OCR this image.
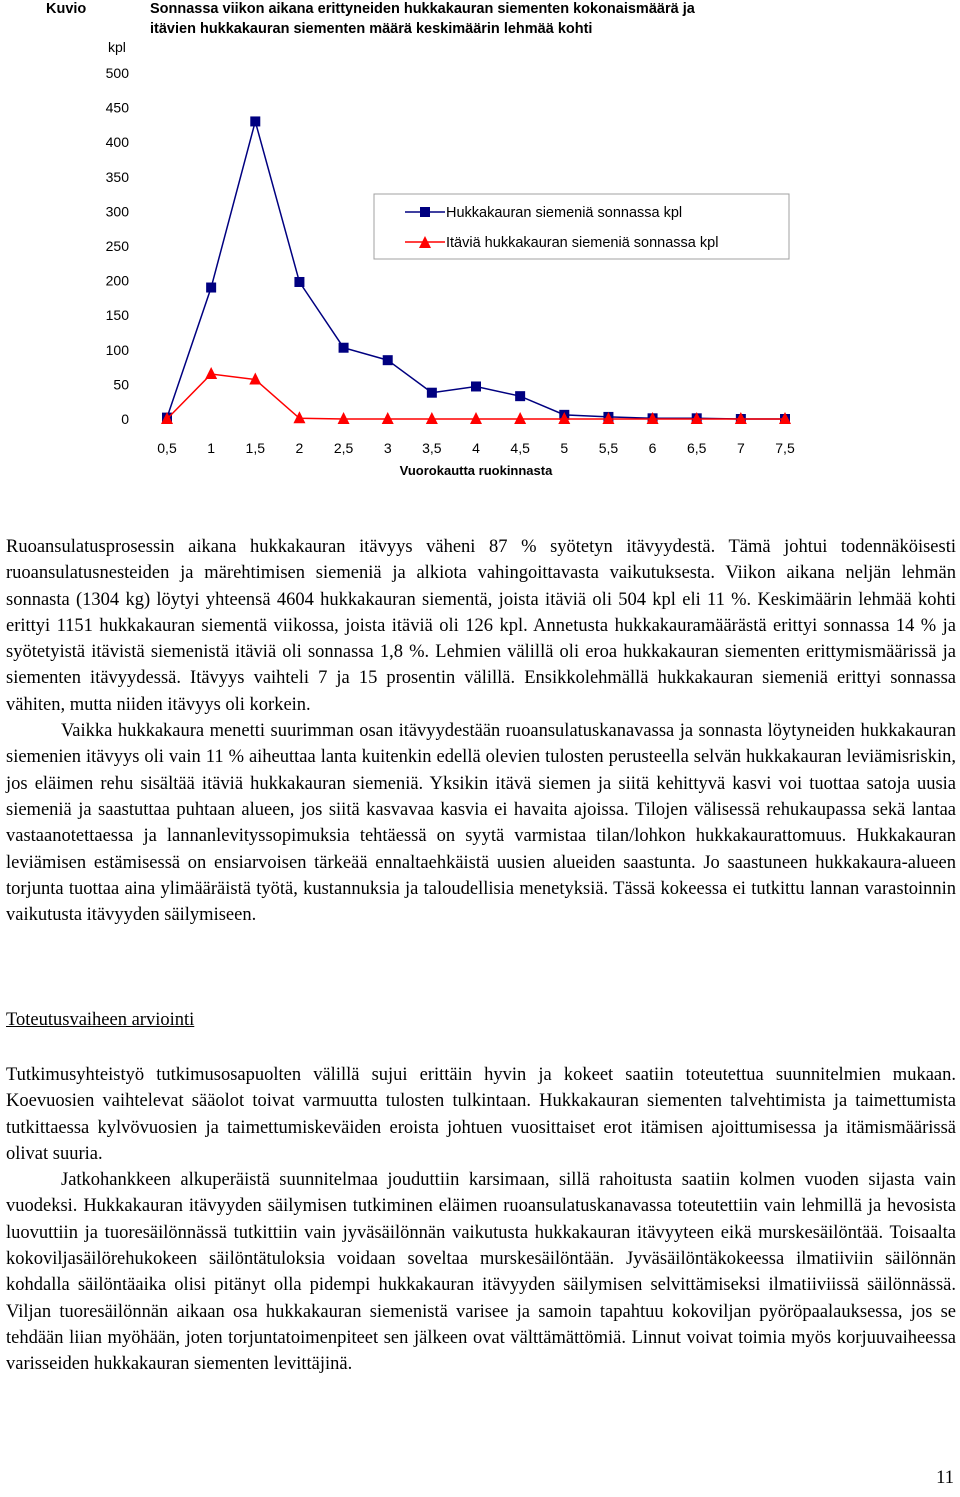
Kuvio	Sonnassa viikon aikana erittyneiden hukkakauran siementen kokonaismäärä ja
itävien hukkakauran siementen määrä keskimäärin lehmää kohti
kpl
0
50
100
150
200
250
300
350
400
450
500
0,5 1 1,5 2 2,5 3 3,5 4 4,5 5 5,5 6 6,5 7 7,5
Vuorokautta ruokinnasta
Hukkakauran siemeniä sonnassa kpl
Itäviä hukkakauran siemeniä sonnassa kpl

Ruoansulatusprosessin aikana hukkakauran itävyys väheni 87 % syötetyn itävyydestä. Tämä johtui todennäköisesti ruoansulatusnesteiden ja märehtimisen siemeniä ja alkiota vahingoittavasta vaikutuksesta. Viikon aikana neljän lehmän sonnasta (1304 kg) löytyi yhteensä 4604 hukkakauran siementä, joista itäviä oli 504 kpl eli 11 %. Keskimäärin lehmää kohti erittyi 1151 hukkakauran siementä viikossa, joista itäviä oli 126 kpl. Annetusta hukkakauramäärästä erittyi sonnassa 14 % ja syötetyistä itävistä siemenistä itäviä oli sonnassa 1,8 %. Lehmien välillä oli eroa hukkakauran siementen erittymismäärissä ja siementen itävyydessä. Itävyys vaihteli 7 ja 15 prosentin välillä. Ensikkolehmällä hukkakauran siemeniä erittyi sonnassa vähiten, mutta niiden itävyys oli korkein.

Vaikka hukkakaura menetti suurimman osan itävyydestään ruoansulatuskanavassa ja sonnasta löytyneiden hukkakauran siemenien itävyys oli vain 11 % aiheuttaa lanta kuitenkin edellä olevien tulosten perusteella selvän hukkakauran leviämisriskin, jos eläimen rehu sisältää itäviä hukkakauran siemeniä. Yksikin itävä siemen ja siitä kehittyvä kasvi voi tuottaa satoja uusia siemeniä ja saastuttaa puhtaan alueen, jos siitä kasvavaa kasvia ei havaita ajoissa. Tilojen välisessä rehukaupassa sekä lantaa vastaanotettaessa ja lannanlevityssopimuksia tehtäessä on syytä varmistaa tilan/lohkon hukkakaurattomuus. Hukkakauran leviämisen estämisessä on ensiarvoisen tärkeää ennaltaehkäistä uusien alueiden saastunta. Jo saastuneen hukkakaura-alueen torjunta tuottaa aina ylimääräistä työtä, kustannuksia ja taloudellisia menetyksiä. Tässä kokeessa ei tutkittu lannan varastoinnin vaikutusta itävyyden säilymiseen.

Toteutusvaiheen arviointi

Tutkimusyhteistyö tutkimusosapuolten välillä sujui erittäin hyvin ja kokeet saatiin toteutettua suunnitelmien mukaan. Koevuosien vaihtelevat sääolot toivat varmuutta tulosten tulkintaan. Hukkakauran siementen talvehtimista ja taimettumista tutkittaessa kylvövuosien ja taimettumiskeväiden eroista johtuen vuosittaiset erot itämisen ajoittumisessa ja itämismäärissä olivat suuria.

Jatkohankkeen alkuperäistä suunnitelmaa jouduttiin karsimaan, sillä rahoitusta saatiin kolmen vuoden sijasta vain vuodeksi. Hukkakauran itävyyden säilymisen tutkiminen eläimen ruoansulatuskanavassa toteutettiin vain lehmillä ja hevosista luovuttiin ja tuoresäilönnässä tutkittiin vain jyväsäilönnän vaikutusta hukkakauran itävyyteen eikä murskesäilöntää. Toisaalta kokoviljasäilörehukokeen säilöntätuloksia voidaan soveltaa murskesäilöntään. Jyväsäilöntäkokeessa ilmatiiviin säilönnän kohdalla säilöntäaika olisi pitänyt olla pidempi hukkakauran itävyyden säilymisen selvittämiseksi ilmatiiviissä säilönnässä. Viljan tuoresäilönnän aikaan osa hukkakauran siemenistä varisee ja samoin tapahtuu kokoviljan pyöröpaalauksessa, jos se tehdään liian myöhään, joten torjuntatoimenpiteet sen jälkeen ovat välttämättömiä. Linnut voivat toimia myös korjuuvaiheessa varisseiden hukkakauran siementen levittäjinä.

11
